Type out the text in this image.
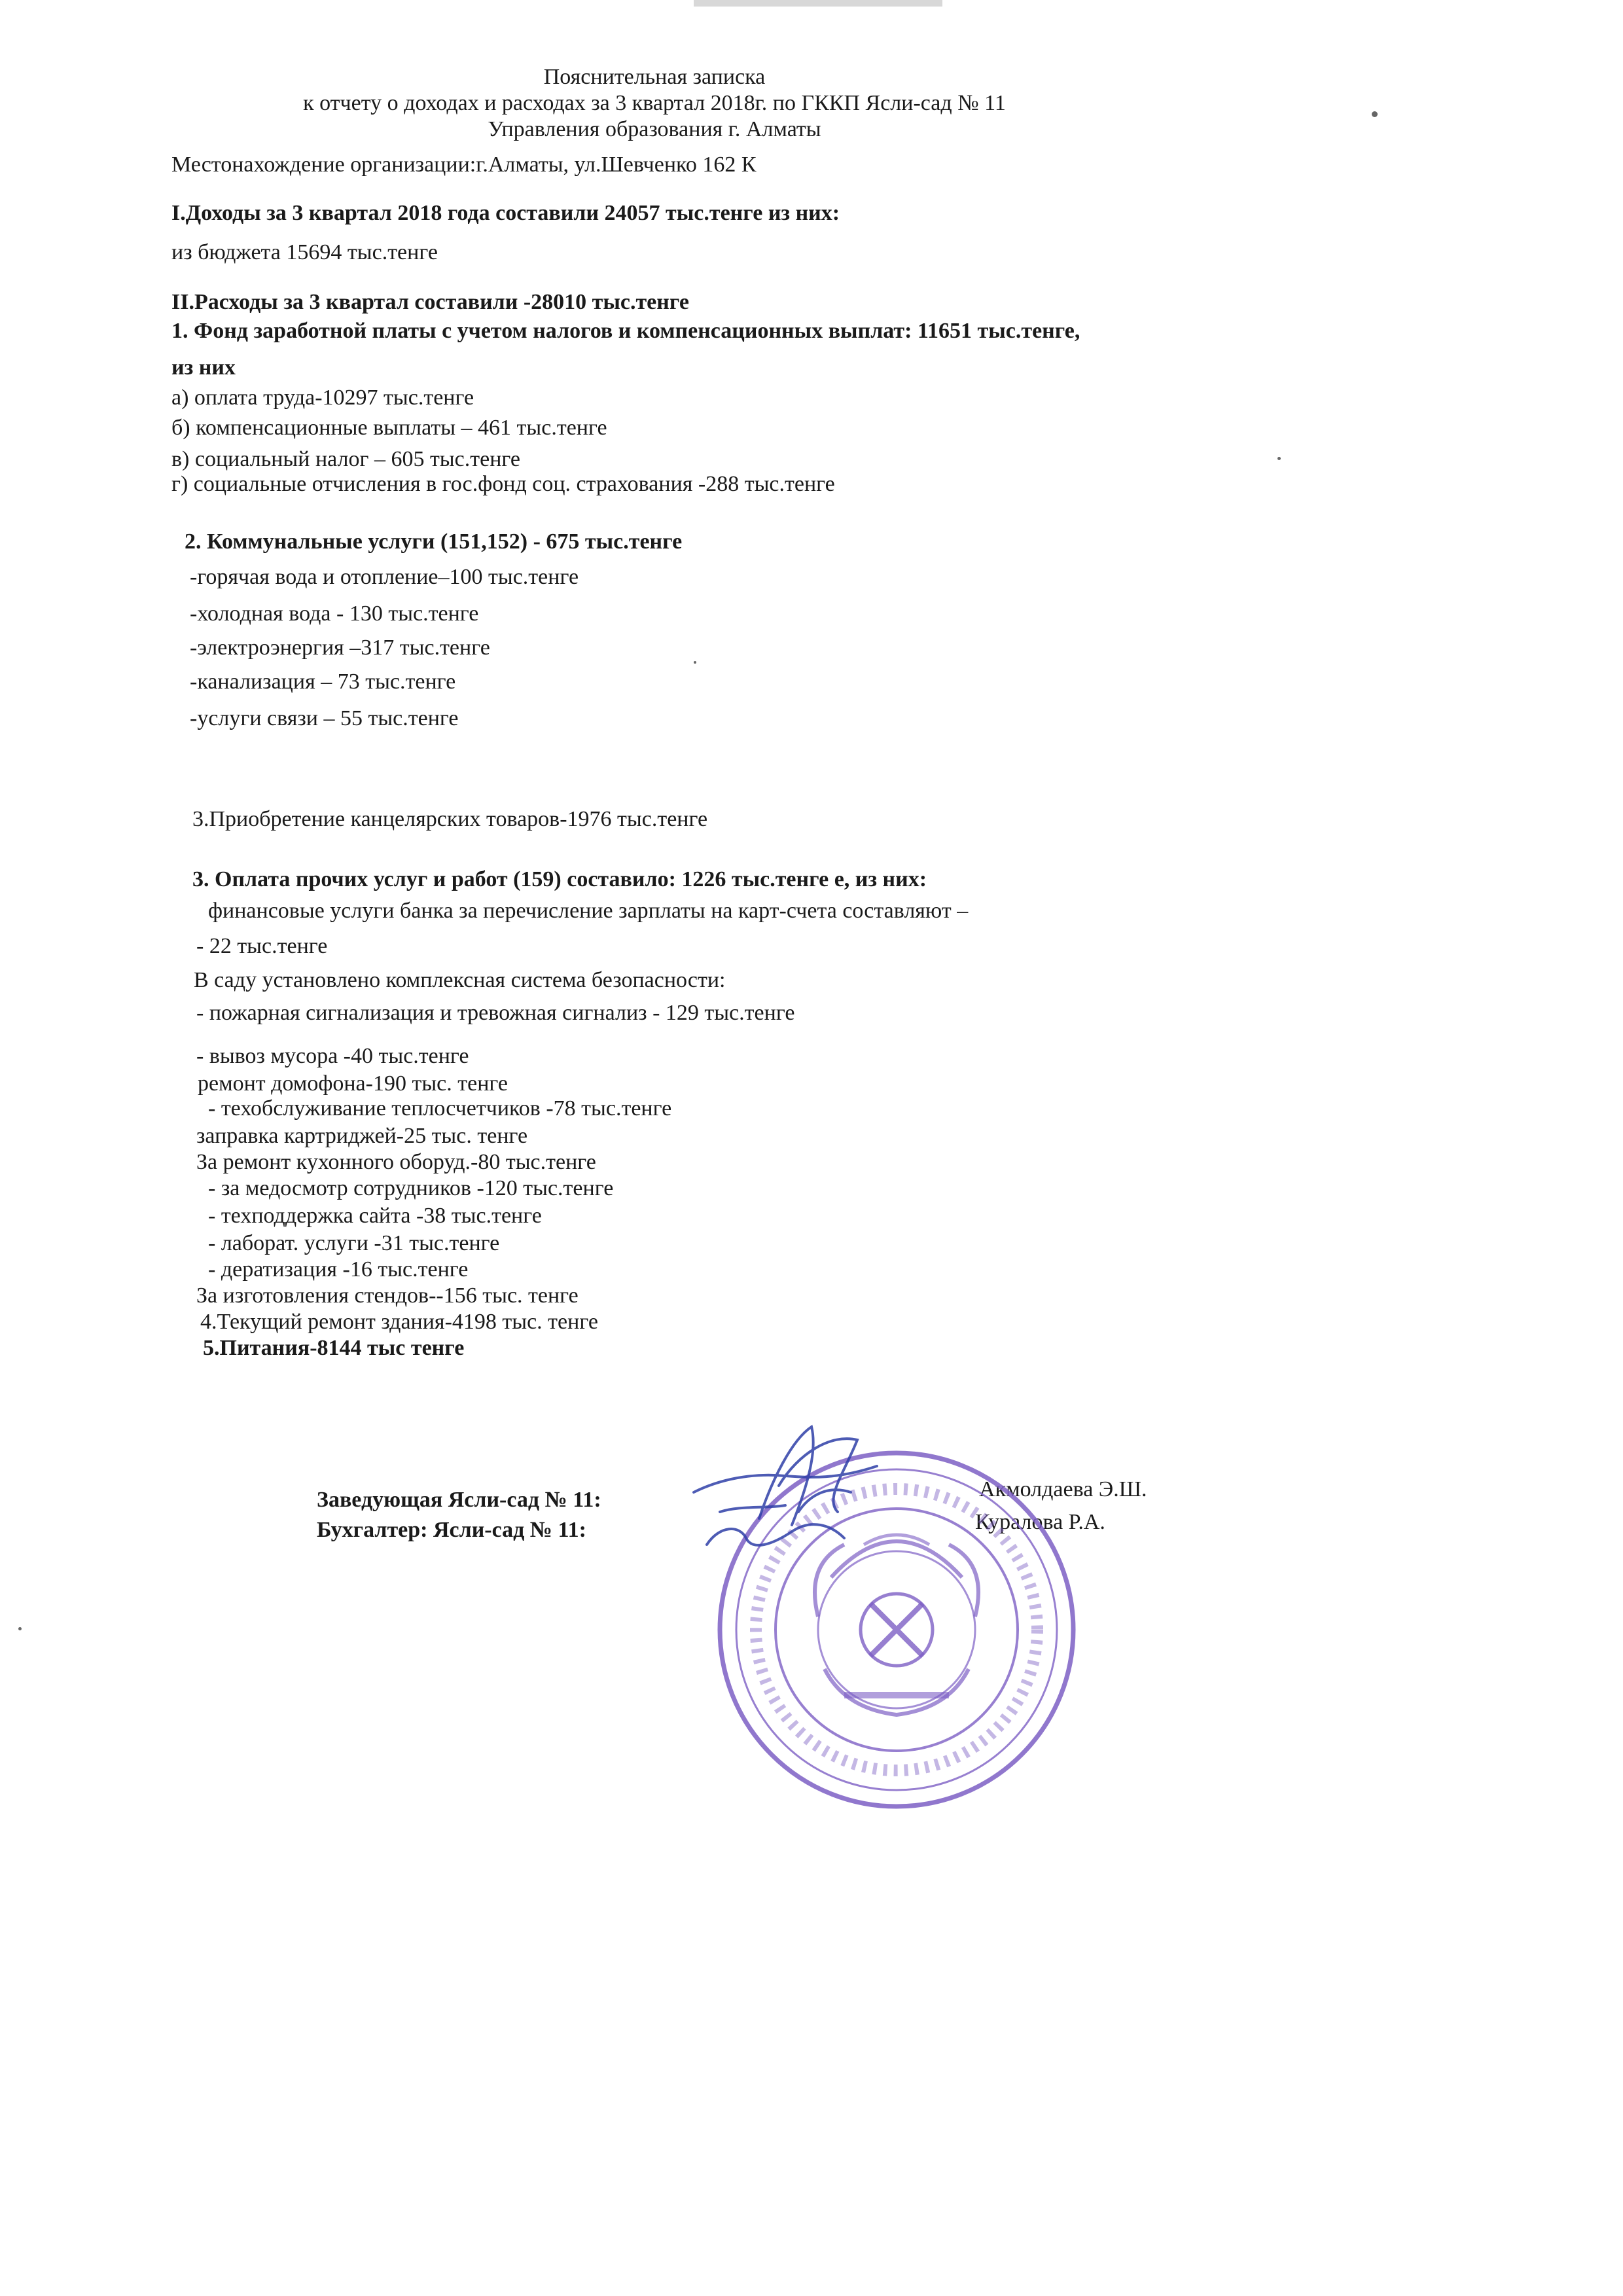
Пояснительная записка
к отчету о доходах и расходах за 3 квартал 2018г. по ГККП Ясли-сад № 11
Управления образования г. Алматы
Местонахождение организации:г.Алматы, ул.Шевченко 162 К
I.Доходы за 3 квартал 2018 года составили 24057 тыс.тенге из них:
из бюджета 15694 тыс.тенге
II.Расходы за 3 квартал составили -28010 тыс.тенге
1. Фонд заработной платы с учетом налогов и компенсационных выплат: 11651 тыс.тенге,
из них
а) оплата труда-10297 тыс.тенге
б) компенсационные выплаты – 461 тыс.тенге
в) социальный налог – 605 тыс.тенге
г) социальные отчисления в гос.фонд соц. страхования -288 тыс.тенге
2. Коммунальные услуги (151,152) - 675 тыс.тенге
-горячая вода и отопление–100 тыс.тенге
-холодная вода - 130 тыс.тенге
-электроэнергия –317 тыс.тенге
-канализация – 73 тыс.тенге
-услуги связи – 55 тыс.тенге
3.Приобретение канцелярских товаров-1976 тыс.тенге
3. Оплата прочих услуг и работ (159) составило: 1226 тыс.тенге е, из них:
финансовые услуги банка за перечисление зарплаты на карт-счета составляют –
- 22 тыс.тенге
В саду установлено комплексная система безопасности:
- пожарная сигнализация и тревожная сигнализ - 129 тыс.тенге
- вывоз мусора -40 тыс.тенге
ремонт домофона-190 тыс. тенге
- техобслуживание теплосчетчиков -78 тыс.тенге
заправка картриджей-25 тыс. тенге
За ремонт кухонного оборуд.-80 тыс.тенге
- за медосмотр сотрудников -120 тыс.тенге
- техподдержка сайта -38 тыс.тенге
- лаборат. услуги -31 тыс.тенге
- дератизация -16 тыс.тенге
За изготовления стендов--156 тыс. тенге
4.Текущий ремонт здания-4198 тыс. тенге
5.Питания-8144 тыс тенге
Заведующая Ясли-сад № 11:	Акмолдаева Э.Ш.
Бухгалтер: Ясли-сад № 11:	Куралова Р.А.
